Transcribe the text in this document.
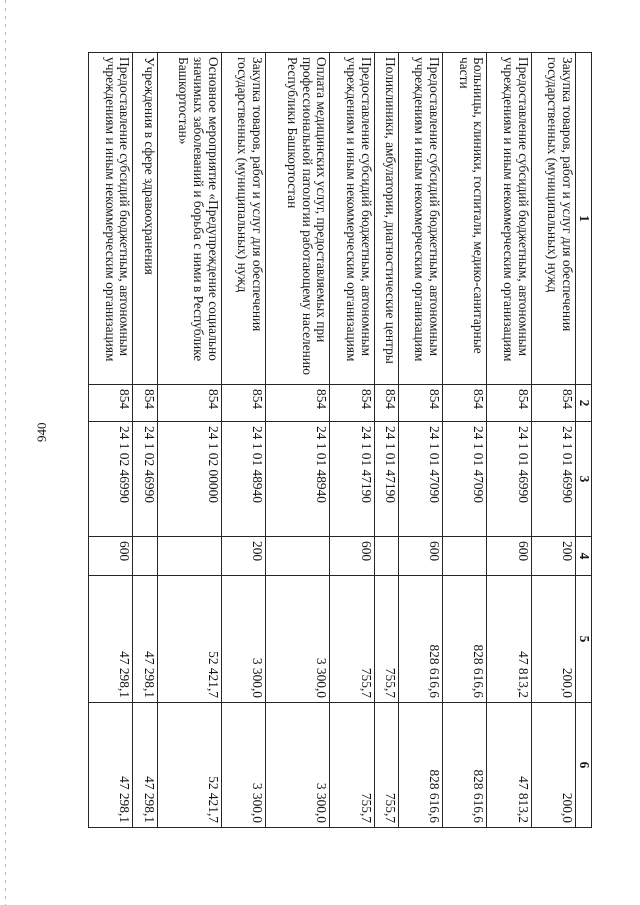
940
1	2	3	4	5	6
Закупка товаров, работ и услуг для обеспечения государственных (муниципальных) нужд	854	24 1 01 46990	200	200,0	200,0
Предоставление субсидий бюджетным, автономным учреждениям и иным некоммерческим организациям	854	24 1 01 46990	600	47 813,2	47 813,2
Больницы, клиники, госпитали, медико-санитарные части	854	24 1 01 47090		828 616,6	828 616,6
Предоставление субсидий бюджетным, автономным учреждениям и иным некоммерческим организациям	854	24 1 01 47090	600	828 616,6	828 616,6
Поликлиники, амбулатории, диагностические центры	854	24 1 01 47190		755,7	755,7
Предоставление субсидий бюджетным, автономным учреждениям и иным некоммерческим организациям	854	24 1 01 47190	600	755,7	755,7
Оплата медицинских услуг, предоставляемых при профессиональной патологии работающему населению Республики Башкортостан	854	24 1 01 48940		3 300,0	3 300,0
Закупка товаров, работ и услуг для обеспечения государственных (муниципальных) нужд	854	24 1 01 48940	200	3 300,0	3 300,0
Основное мероприятие «Предупреждение социально значимых заболеваний и борьба с ними в Республике Башкортостан»	854	24 1 02 00000		52 421,7	52 421,7
Учреждения в сфере здравоохранения	854	24 1 02 46990		47 298,1	47 298,1
Предоставление субсидий бюджетным, автономным учреждениям и иным некоммерческим организациям	854	24 1 02 46990	600	47 298,1	47 298,1
